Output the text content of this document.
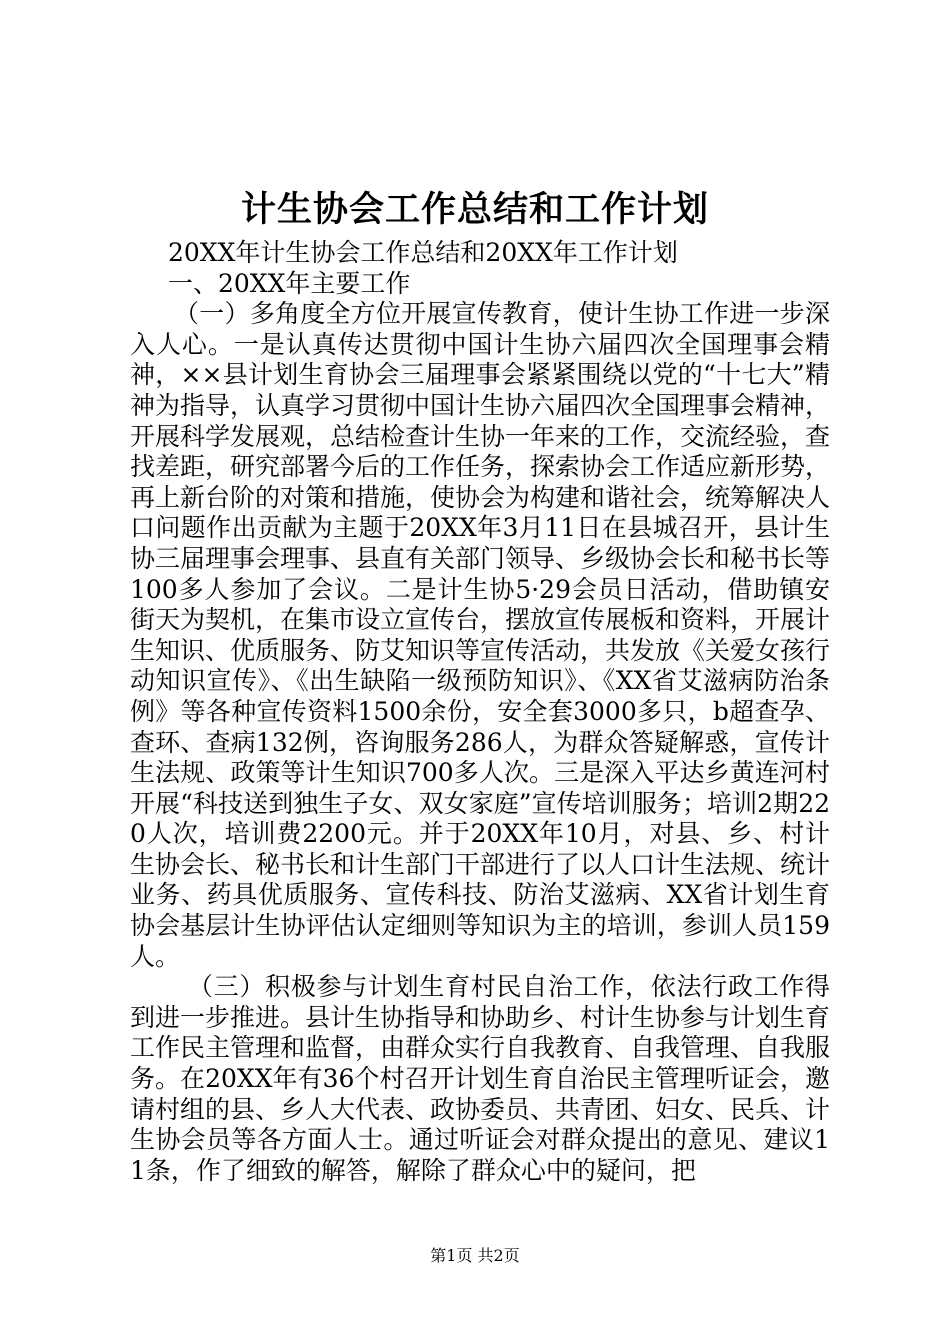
计生协会工作总结和工作计划

20XX年计生协会工作总结和20XX年工作计划

一、20XX年主要工作

（一）多角度全方位开展宣传教育，使计生协工作进一步深入人心。一是认真传达贯彻中国计生协六届四次全国理事会精神，××县计划生育协会三届理事会紧紧围绕以党的“十七大”精神为指导，认真学习贯彻中国计生协六届四次全国理事会精神，开展科学发展观，总结检查计生协一年来的工作，交流经验，查找差距，研究部署今后的工作任务，探索协会工作适应新形势，再上新台阶的对策和措施，使协会为构建和谐社会，统筹解决人口问题作出贡献为主题于20XX年3月11日在县城召开，县计生协三届理事会理事、县直有关部门领导、乡级协会长和秘书长等100多人参加了会议。二是计生协5·29会员日活动，借助镇安街天为契机，在集市设立宣传台，摆放宣传展板和资料，开展计生知识、优质服务、防艾知识等宣传活动，共发放《关爱女孩行动知识宣传》、《出生缺陷一级预防知识》、《XX省艾滋病防治条例》等各种宣传资料1500余份，安全套3000多只，b超查孕、查环、查病132例，咨询服务286人，为群众答疑解惑，宣传计生法规、政策等计生知识700多人次。三是深入平达乡黄连河村开展“科技送到独生子女、双女家庭”宣传培训服务；培训2期220人次，培训费2200元。并于20XX年10月，对县、乡、村计生协会长、秘书长和计生部门干部进行了以人口计生法规、统计业务、药具优质服务、宣传科技、防治艾滋病、XX省计划生育协会基层计生协评估认定细则等知识为主的培训，参训人员159人。

（三）积极参与计划生育村民自治工作，依法行政工作得到进一步推进。县计生协指导和协助乡、村计生协参与计划生育工作民主管理和监督，由群众实行自我教育、自我管理、自我服务。在20XX年有36个村召开计划生育自治民主管理听证会，邀请村组的县、乡人大代表、政协委员、共青团、妇女、民兵、计生协会员等各方面人士。通过听证会对群众提出的意见、建议11条，作了细致的解答，解除了群众心中的疑问，把

第1页 共2页
